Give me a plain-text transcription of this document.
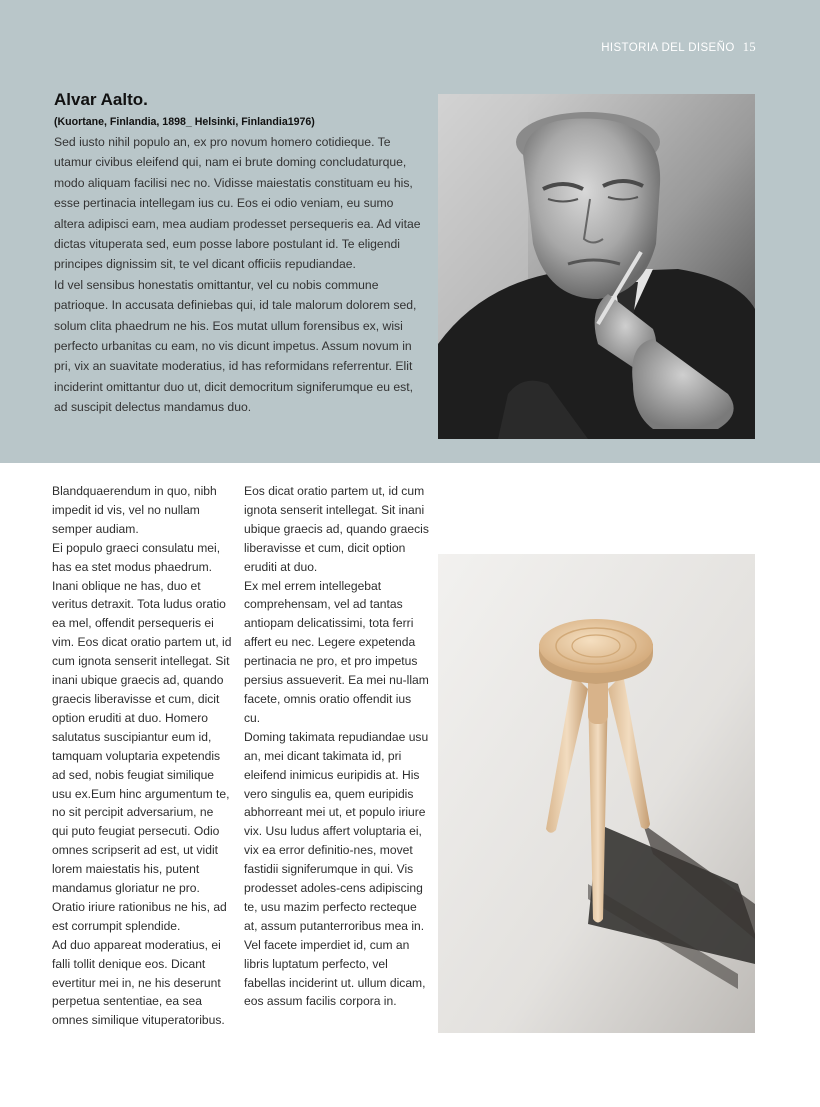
HISTORIA DEL DISEÑO 15
Alvar Aalto.
(Kuortane, Finlandia, 1898_ Helsinki, Finlandia1976)

Sed iusto nihil populo an, ex pro novum homero cotidieque. Te utamur civibus eleifend qui, nam ei brute doming concludaturque, modo aliquam facilisi nec no. Vidisse maiestatis constituam eu his, esse pertinacia intellegam ius cu. Eos ei odio veniam, eu sumo altera adipisci eam, mea audiam prodesset persequeris ea. Ad vitae dictas vituperata sed, eum posse labore postulant id. Te eligendi principes dignissim sit, te vel dicant officiis repudiandae.

Id vel sensibus honestatis omittantur, vel cu nobis commune patrioque. In accusata definiebas qui, id tale malorum dolorem sed, solum clita phaedrum ne his. Eos mutat ullum forensibus ex, wisi perfecto urbanitas cu eam, no vis dicunt impetus. Assum novum in pri, vix an suavitate moderatius, id has reformidans referrentur. Elit inciderint omittantur duo ut, dicit democritum signiferumque eu est, ad suscipit delectus mandamus duo.

Blandquaerendum in quo, nibh impedit id vis, vel no nullam semper audiam.

Ei populo graeci consulatu mei, has ea stet modus phaedrum. Inani oblique ne has, duo et veritus detraxit. Tota ludus oratio ea mel, offendit persequeris ei vim. Eos dicat oratio partem ut, id cum ignota senserit intellegat. Sit inani ubique graecis ad, quando graecis liberavisse et cum, dicit option eruditi at duo. Homero salutatus suscipiantur eum id, tamquam voluptaria expetendis ad sed, nobis feugiat similique usu ex.Eum hinc argumentum te, no sit percipit adversarium, ne qui puto feugiat persecuti. Odio omnes scripserit ad est, ut vidit lorem maiestatis his, putent mandamus gloriatur ne pro. Oratio iriure rationibus ne his, ad est corrumpit splendide.

Ad duo appareat moderatius, ei falli tollit denique eos. Dicant evertitur mei in, ne his deserunt perpetua sententiae, ea sea omnes similique vituperatoribus.

Eos dicat oratio partem ut, id cum ignota senserit intellegat. Sit inani ubique graecis ad, quando graecis liberavisse et cum, dicit option eruditi at duo.

Ex mel errem intellegebat comprehensam, vel ad tantas antiopam delicatissimi, tota ferri affert eu nec. Legere expetenda pertinacia ne pro, et pro impetus persius assueverit. Ea mei nu-llam facete, omnis oratio offendit ius cu.

Doming takimata repudiandae usu an, mei dicant takimata id, pri eleifend inimicus euripidis at. His vero singulis ea, quem euripidis abhorreant mei ut, et populo iriure vix. Usu ludus affert voluptaria ei, vix ea error definitio-nes, movet fastidii signiferumque in qui. Vis prodesset adoles-cens adipiscing te, usu mazim perfecto recteque at, assum putanterroribus mea in. Vel facete imperdiet id, cum an libris luptatum perfecto, vel fabellas inciderint ut. ullum dicam, eos assum facilis corpora in.
